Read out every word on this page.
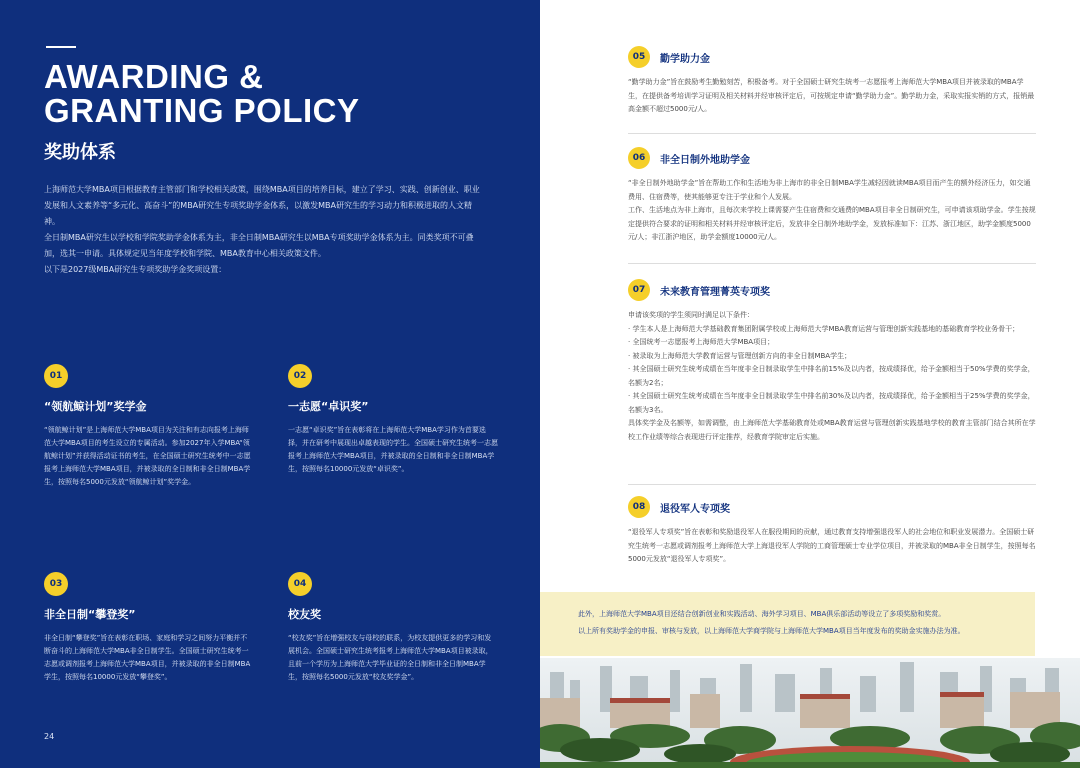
AWARDING &
GRANTING POLICY
奖助体系

上海师范大学MBA项目根据教育主管部门和学校相关政策，围绕MBA项目的培养目标，建立了学习、实践、创新创业、职业发展和人文素养等“多元化、高奋斗”的MBA研究生专项奖助学金体系，以激发MBA研究生的学习动力和积极进取的人文精神。

全日制MBA研究生以学校和学院奖助学金体系为主，非全日制MBA研究生以MBA专项奖助学金体系为主。同类奖项不可叠加，选其一申请。具体规定见当年度学校和学院、MBA教育中心相关政策文件。

以下是2027级MBA研究生专项奖助学金奖项设置：

01
“领航鲸计划”奖学金
“领航鲸计划”是上海师范大学MBA项目为关注和有志向报考上海师范大学MBA项目的考生设立的专属活动。参加2027年入学MBA“领航鲸计划”并获得活动证书的考生，在全国硕士研究生统考中一志愿报考上海师范大学MBA项目，并被录取的全日制和非全日制MBA学生，按照每名5000元发放“领航鲸计划”奖学金。
02
一志愿“卓识奖”
一志愿“卓识奖”旨在表彰将在上海师范大学MBA学习作为首要选择，并在研考中展现出卓越表现的学生。全国硕士研究生统考一志愿报考上海师范大学MBA项目，并被录取的全日制和非全日制MBA学生，按照每名10000元发放“卓识奖”。
03
非全日制“攀登奖”
非全日制“攀登奖”旨在表彰在职场、家庭和学习之间努力平衡并不断奋斗的上海师范大学MBA非全日制学生。全国硕士研究生统考一志愿或调剂报考上海师范大学MBA项目，并被录取的非全日制MBA学生，按照每名10000元发放“攀登奖”。
04
校友奖
“校友奖”旨在增强校友与母校的联系，为校友提供更多的学习和发展机会。全国硕士研究生统考报考上海师范大学MBA项目被录取，且前一个学历为上海师范大学毕业证的全日制和非全日制MBA学生，按照每名5000元发放“校友奖学金”。
24
05	勤学助力金

“勤学助力金”旨在鼓励考生勤勉刻苦，积极备考。对于全国硕士研究生统考一志愿报考上海师范大学MBA项目并被录取的MBA学生，在提供备考培训学习证明及相关材料并经审核评定后，可按规定申请“勤学助力金”。勤学助力金，采取实报实销的方式，报销最高金额不超过5000元/人。

06	非全日制外地助学金

“非全日制外地助学金”旨在帮助工作和生活地为非上海市的非全日制MBA学生减轻因就读MBA项目而产生的额外经济压力，如交通费用、住宿费等，使其能够更专注于学业和个人发展。

工作、生活地点为非上海市，且每次来学校上课需要产生住宿费和交通费的MBA项目非全日制研究生，可申请该项助学金。学生按规定提供符合要求的证明和相关材料并经审核评定后，发放非全日制外地助学金，发放标准如下：江苏、浙江地区，助学金额度5000元/人；非江浙沪地区，助学金额度10000元/人。

07	未来教育管理菁英专项奖

申请该奖项的学生须同时满足以下条件：

· 学生本人是上海师范大学基础教育集团附属学校或上海师范大学MBA教育运营与管理创新实践基地的基础教育学校业务骨干；

· 全国统考一志愿报考上海师范大学MBA项目；

· 被录取为上海师范大学教育运营与管理创新方向的非全日制MBA学生；

· 其全国硕士研究生统考成绩在当年度非全日制录取学生中排名前15%及以内者，按成绩择优，给予金额相当于50%学费的奖学金，名额为2名；

· 其全国硕士研究生统考成绩在当年度非全日制录取学生中排名前30%及以内者，按成绩择优，给予金额相当于25%学费的奖学金，名额为3名。

具体奖学金及名额等，如需调整，由上海师范大学基础教育处或MBA教育运营与管理创新实践基地学校的教育主管部门结合其所在学校工作业绩等综合表现进行评定推荐，经教育学院审定后实施。

08	退役军人专项奖

“退役军人专项奖”旨在表彰和奖励退役军人在服役期间的贡献，通过教育支持增强退役军人的社会地位和职业发展潜力。全国硕士研究生统考一志愿或调剂报考上海师范大学上海退役军人学院的工商管理硕士专业学位项目，并被录取的MBA非全日制学生，按照每名5000元发放“退役军人专项奖”。

此外，上海师范大学MBA项目还结合创新创业和实践活动、海外学习项目、MBA俱乐部活动等设立了多项奖励和奖赏。
以上所有奖助学金的申报、审核与发放，以上海师范大学商学院与上海师范大学MBA项目当年度发布的奖助金实施办法为准。
